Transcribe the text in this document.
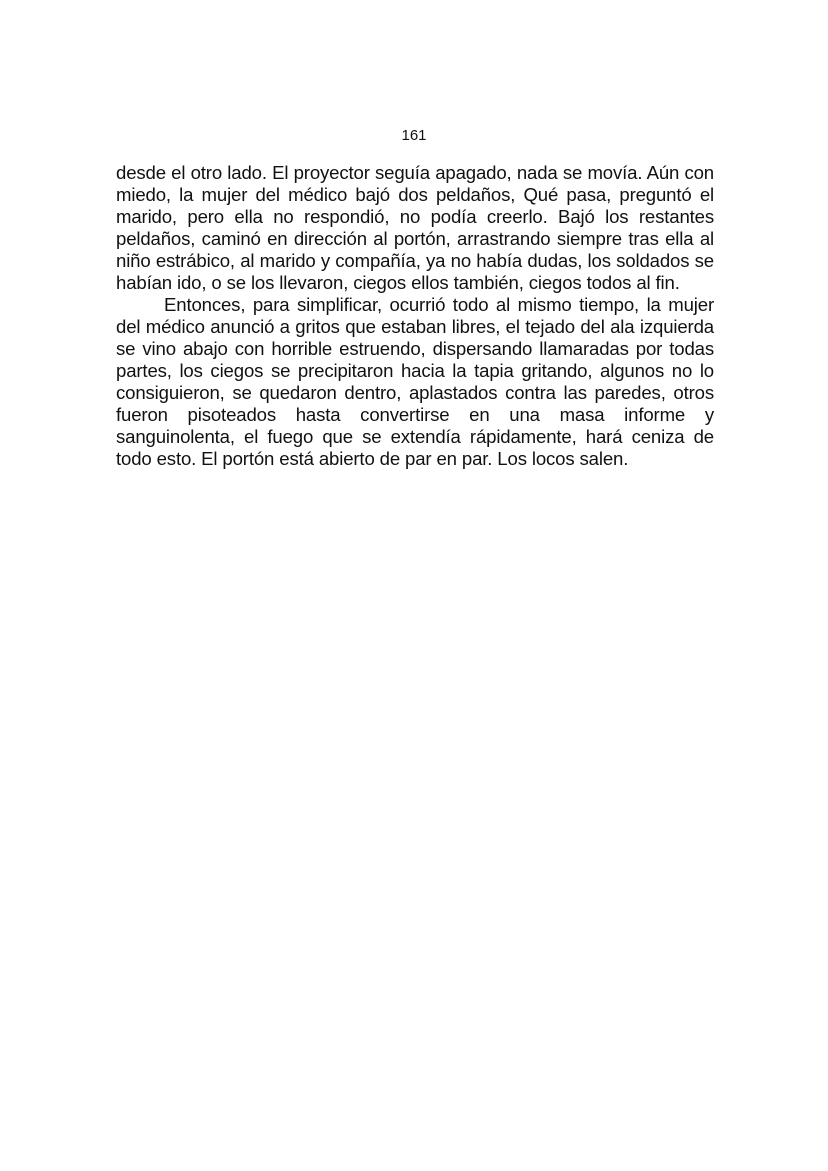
161

desde el otro lado. El proyector seguía apagado, nada se movía. Aún con miedo, la mujer del médico bajó dos peldaños, Qué pasa, preguntó el marido, pero ella no respondió, no podía creerlo. Bajó los restantes peldaños, caminó en dirección al portón, arrastrando siempre tras ella al niño estrábico, al marido y compañía, ya no había dudas, los soldados se habían ido, o se los llevaron, ciegos ellos también, ciegos todos al fin.

Entonces, para simplificar, ocurrió todo al mismo tiempo, la mujer del médico anunció a gritos que estaban libres, el tejado del ala izquierda se vino abajo con horrible estruendo, dispersando llamaradas por todas partes, los ciegos se precipitaron hacia la tapia gritando, algunos no lo consiguieron, se quedaron dentro, aplastados contra las paredes, otros fueron pisoteados hasta convertirse en una masa informe y sanguinolenta, el fuego que se extendía rápidamente, hará ceniza de todo esto. El portón está abierto de par en par. Los locos salen.
